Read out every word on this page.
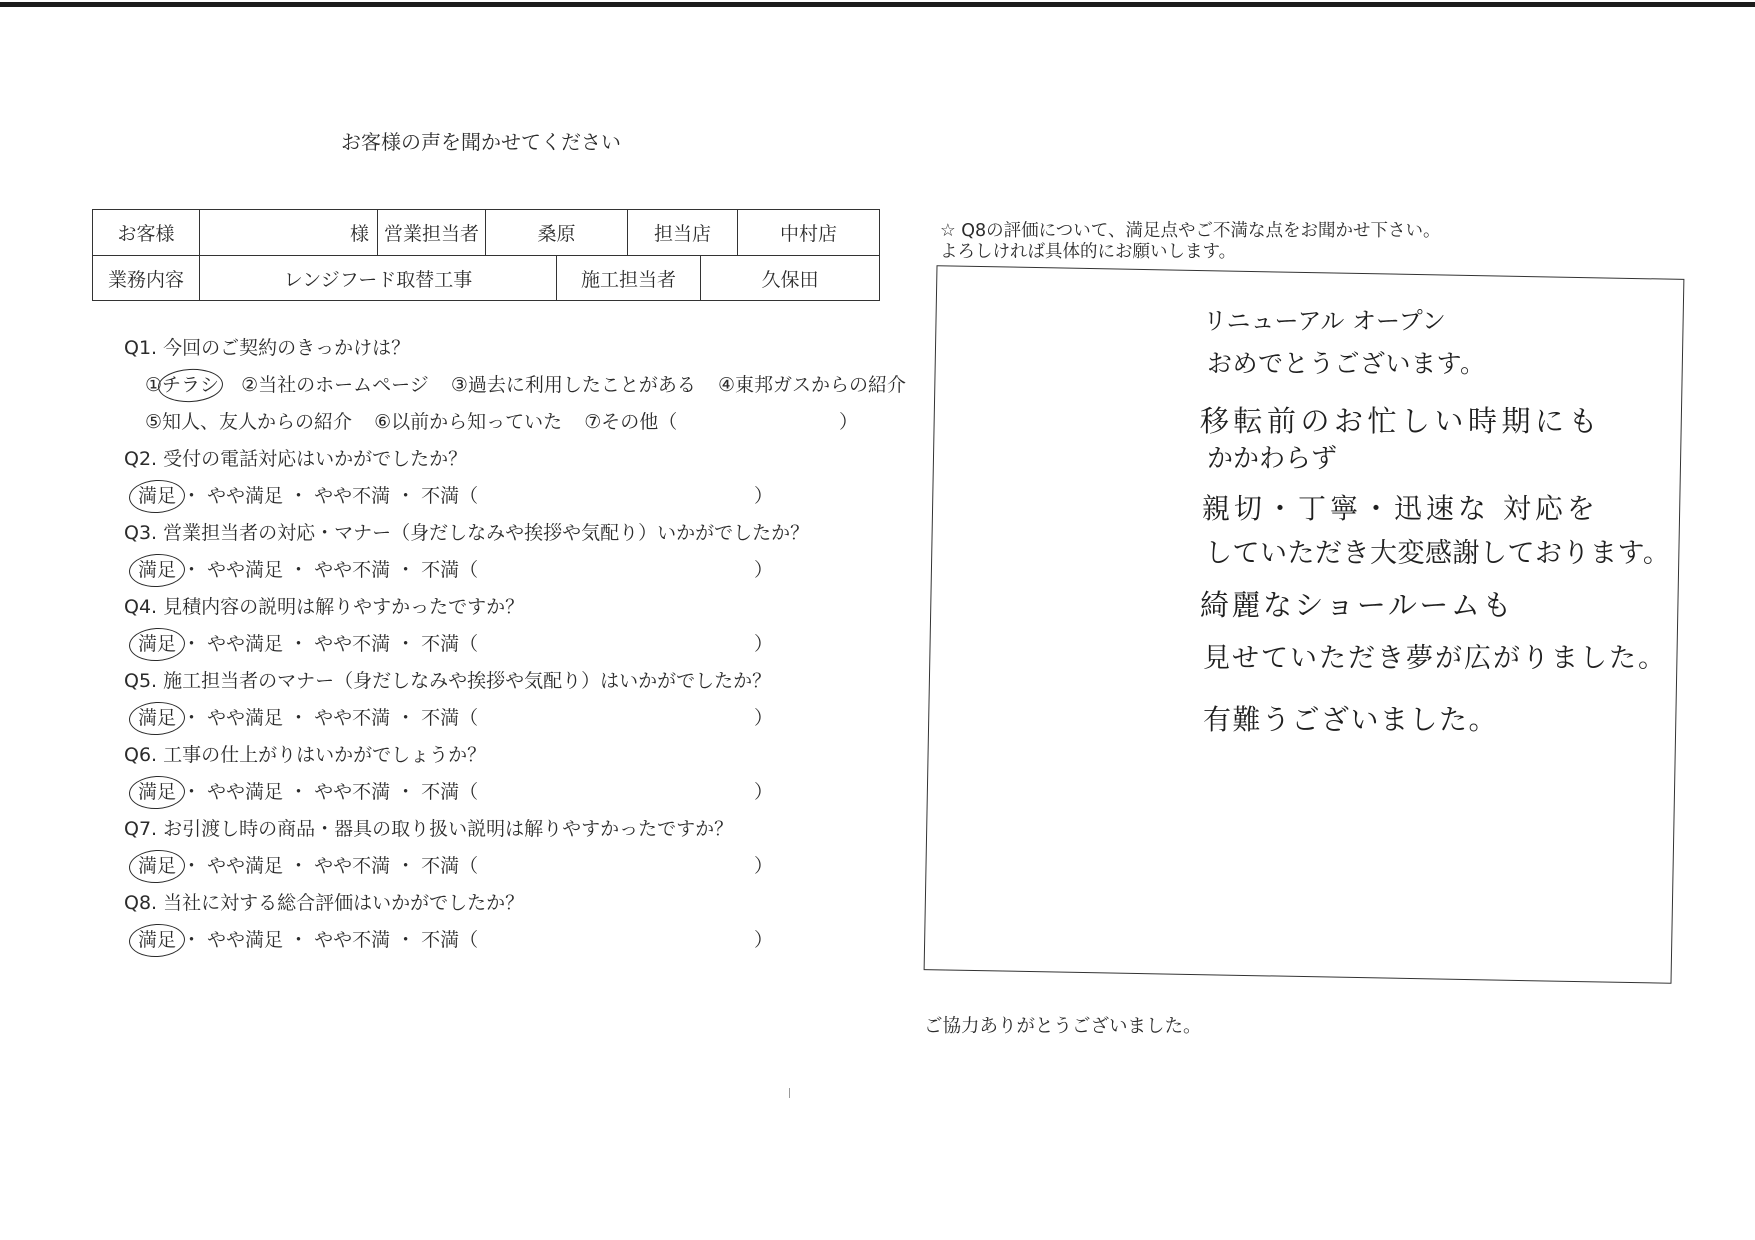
お客様の声を聞かせてください
お客様	様 営業担当者	桑原	担当店	中村店
業務内容	レンジフード取替工事	施工担当者	久保田
Q1. 今回のご契約のきっかけは？
①チラシ ②当社のホームページ ③過去に利用したことがある ④東邦ガスからの紹介
⑤知人、友人からの紹介 ⑥以前から知っていた ⑦その他（	）
Q2. 受付の電話対応はいかがでしたか？
満足 ・ やや満足 ・ やや不満 ・ 不満（	）
Q3. 営業担当者の対応・マナー（身だしなみや挨拶や気配り）いかがでしたか？
満足 ・ やや満足 ・ やや不満 ・ 不満（	）
Q4. 見積内容の説明は解りやすかったですか？
満足 ・ やや満足 ・ やや不満 ・ 不満（	）
Q5. 施工担当者のマナー（身だしなみや挨拶や気配り）はいかがでしたか？
満足 ・ やや満足 ・ やや不満 ・ 不満（	）
Q6. 工事の仕上がりはいかがでしょうか？
満足 ・ やや満足 ・ やや不満 ・ 不満（	）
Q7. お引渡し時の商品・器具の取り扱い説明は解りやすかったですか？
満足 ・ やや満足 ・ やや不満 ・ 不満（	）
Q8. 当社に対する総合評価はいかがでしたか？
満足 ・ やや満足 ・ やや不満 ・ 不満（	）
☆ Q8の評価について、満足点やご不満な点をお聞かせ下さい。
よろしければ具体的にお願いします。
リニューアル オープン
おめでとうございます。
移転前のお忙しい時期にも
かかわらず
親切・丁寧・迅速な 対応を
していただき大変感謝しております。
綺麗なショールームも
見せていただき夢が広がりました。
有難うございました。
ご協力ありがとうございました。
